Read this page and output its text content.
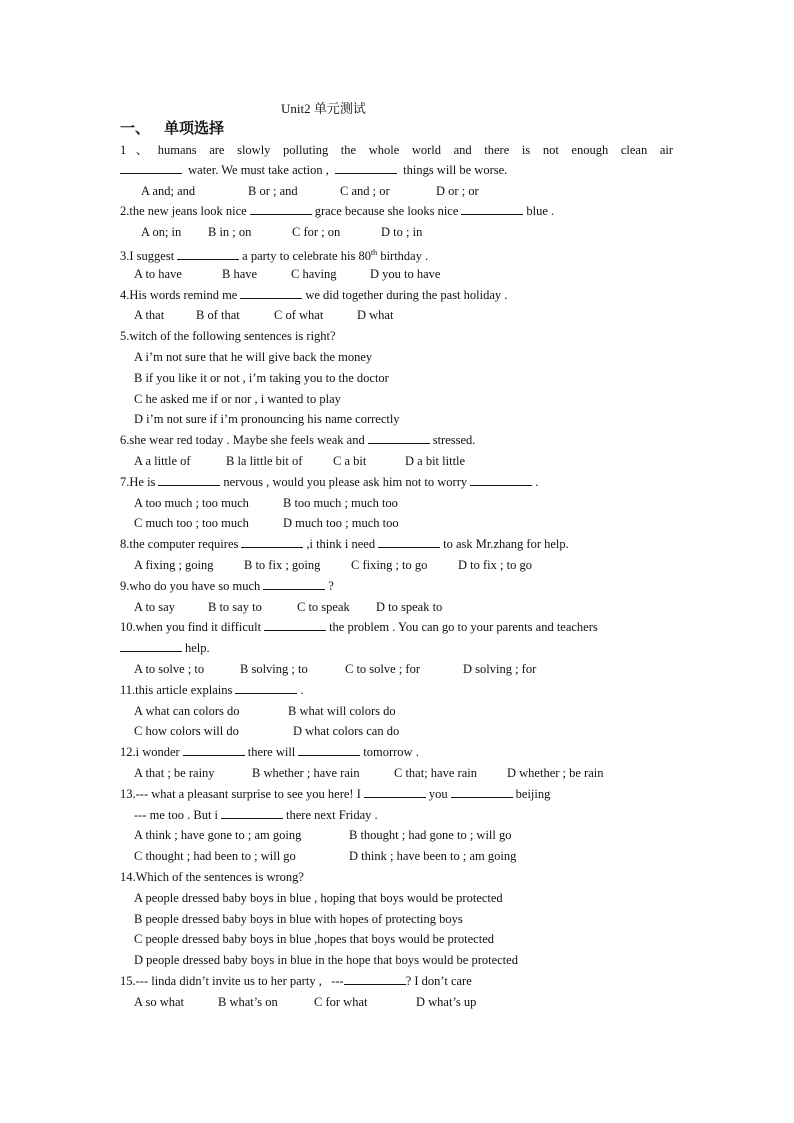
Unit2 单元测试
一、 单项选择
1、humans are slowly polluting the whole world and there is not enough clean air
water. We must take action ,	things will be worse.
A and; and	B or ; and	C and ; or	D or ; or
2.the new jeans look nice	grace because she looks nice	blue .
A on; in B in ; on	C for ; on	D to ; in
3.I suggest	a party to celebrate his 80th birthday .
A to have	B have	C having	D you to have
4.His words remind me	we did together during the past holiday .
A that	B of that	C of what	D what
5.witch of the following sentences is right?
A i’m not sure that he will give back the money
B if you like it or not , i’m taking you to the doctor
C he asked me if or nor , i wanted to play
D i’m not sure if i’m pronouncing his name correctly
6.she wear red today . Maybe she feels weak and	stressed.
A a little of	B la little bit of C a bit	D a bit little
7.He is	nervous , would you please ask him not to worry	.
A too much ; too much	B too much ; much too
C much too ; too much	D much too ; much too
8.the computer requires	,i think i need	to ask Mr.zhang for help.
A fixing ; going B to fix ; going C fixing ; to go D to fix ; to go
9.who do you have so much	?
A to say	B to say to	C to speak D to speak to
10.when you find it difficult	the problem . You can go to your parents and teachers
help.
A to solve ; to	B solving ; to	C to solve ; for	D solving ; for
11.this article explains	.
A what can colors do	B what will colors do
C how colors will do	D what colors can do
12.i wonder	there will	tomorrow .
A that ; be rainy	B whether ; have rain	C that; have rain D whether ; be rain
13.--- what a pleasant surprise to see you here! I	you	beijing
--- me too . But i	there next Friday .
A think ; have gone to ; am going	B thought ; had gone to ; will go
C thought ; had been to ; will go	D think ; have been to ; am going
14.Which of the sentences is wrong?
A people dressed baby boys in blue , hoping that boys would be protected
B people dressed baby boys in blue with hopes of protecting boys
C people dressed baby boys in blue ,hopes that boys would be protected
D people dressed baby boys in blue in the hope that boys would be protected
15.--- linda didn’t invite us to her party , ---	? I don’t care
A so what	B what’s on	C for what	D what’s up
